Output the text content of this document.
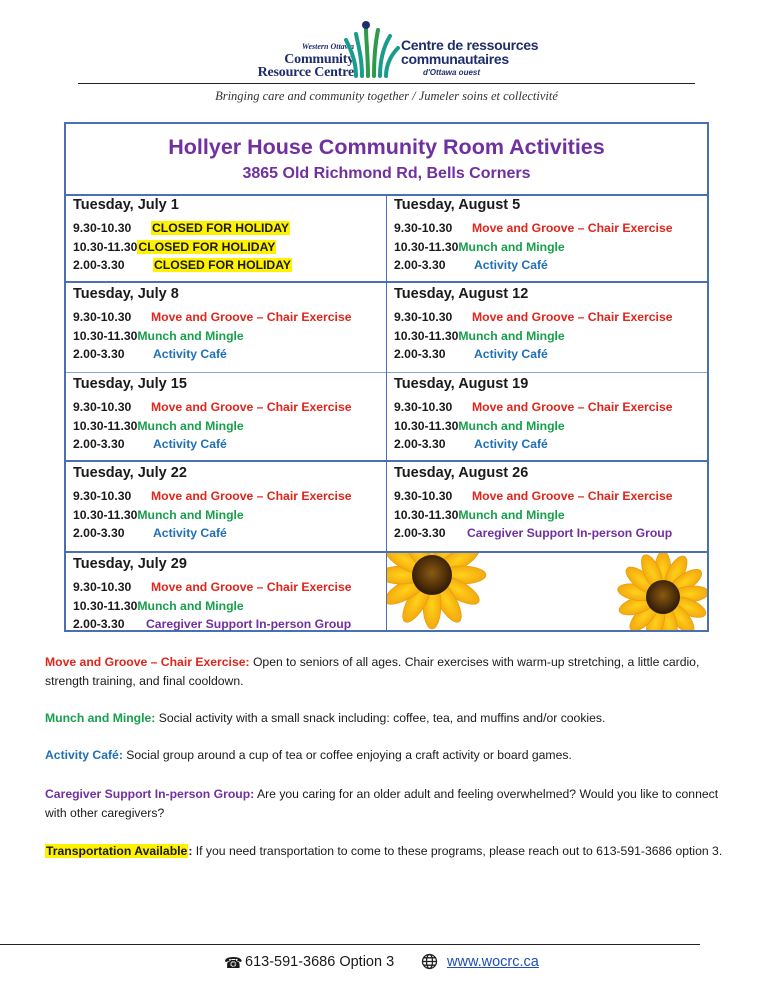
Western Ottawa
Community
Resource Centre
Centre de ressources
communautaires
d'Ottawa ouest
Bringing care and community together / Jumeler soins et collectivité
Hollyer House Community Room Activities
3865 Old Richmond Rd, Bells Corners
Tuesday, July 1
9.30-10.30 CLOSED FOR HOLIDAY
10.30-11.30CLOSED FOR HOLIDAY
2.00-3.30 CLOSED FOR HOLIDAY
Tuesday, August 5
9.30-10.30 Move and Groove – Chair Exercise
10.30-11.30Munch and Mingle
2.00-3.30 Activity Café
Tuesday, July 8
9.30-10.30 Move and Groove – Chair Exercise
10.30-11.30Munch and Mingle
2.00-3.30 Activity Café
Tuesday, August 12
9.30-10.30 Move and Groove – Chair Exercise
10.30-11.30Munch and Mingle
2.00-3.30 Activity Café
Tuesday, July 15
9.30-10.30 Move and Groove – Chair Exercise
10.30-11.30Munch and Mingle
2.00-3.30 Activity Café
Tuesday, August 19
9.30-10.30 Move and Groove – Chair Exercise
10.30-11.30Munch and Mingle
2.00-3.30 Activity Café
Tuesday, July 22
9.30-10.30 Move and Groove – Chair Exercise
10.30-11.30Munch and Mingle
2.00-3.30 Activity Café
Tuesday, August 26
9.30-10.30 Move and Groove – Chair Exercise
10.30-11.30Munch and Mingle
2.00-3.30 Caregiver Support In-person Group
Tuesday, July 29
9.30-10.30 Move and Groove – Chair Exercise
10.30-11.30Munch and Mingle
2.00-3.30 Caregiver Support In-person Group
Move and Groove – Chair Exercise: Open to seniors of all ages. Chair exercises with warm-up stretching, a little cardio, strength training, and final cooldown.
Munch and Mingle: Social activity with a small snack including: coffee, tea, and muffins and/or cookies.
Activity Café: Social group around a cup of tea or coffee enjoying a craft activity or board games.
Caregiver Support In-person Group: Are you caring for an older adult and feeling overwhelmed? Would you like to connect with other caregivers?
Transportation Available: If you need transportation to come to these programs, please reach out to 613-591-3686 option 3.
☎ 613-591-3686 Option 3	www.wocrc.ca
